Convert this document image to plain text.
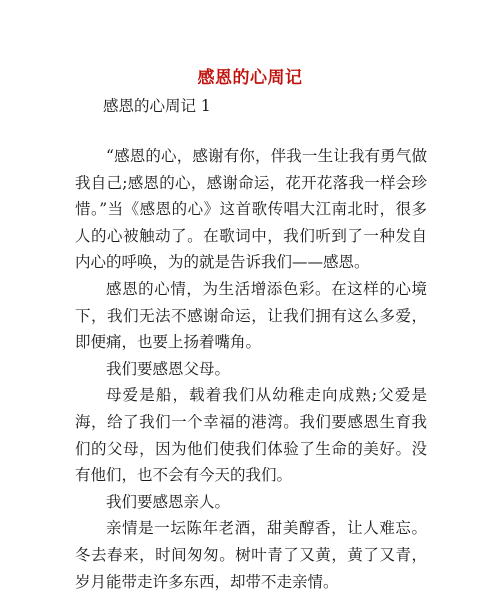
感恩的心周记
感恩的心周记 1

“感恩的心，感谢有你，伴我一生让我有勇气做我自己;感恩的心，感谢命运，花开花落我一样会珍惜。”当《感恩的心》这首歌传唱大江南北时，很多人的心被触动了。在歌词中，我们听到了一种发自内心的呼唤，为的就是告诉我们——感恩。

感恩的心情，为生活增添色彩。在这样的心境下，我们无法不感谢命运，让我们拥有这么多爱，即便痛，也要上扬着嘴角。

我们要感恩父母。

母爱是船，载着我们从幼稚走向成熟;父爱是海，给了我们一个幸福的港湾。我们要感恩生育我们的父母，因为他们使我们体验了生命的美好。没有他们，也不会有今天的我们。

我们要感恩亲人。

亲情是一坛陈年老酒，甜美醇香，让人难忘。冬去春来，时间匆匆。树叶青了又黄，黄了又青，岁月能带走许多东西，却带不走亲情。
